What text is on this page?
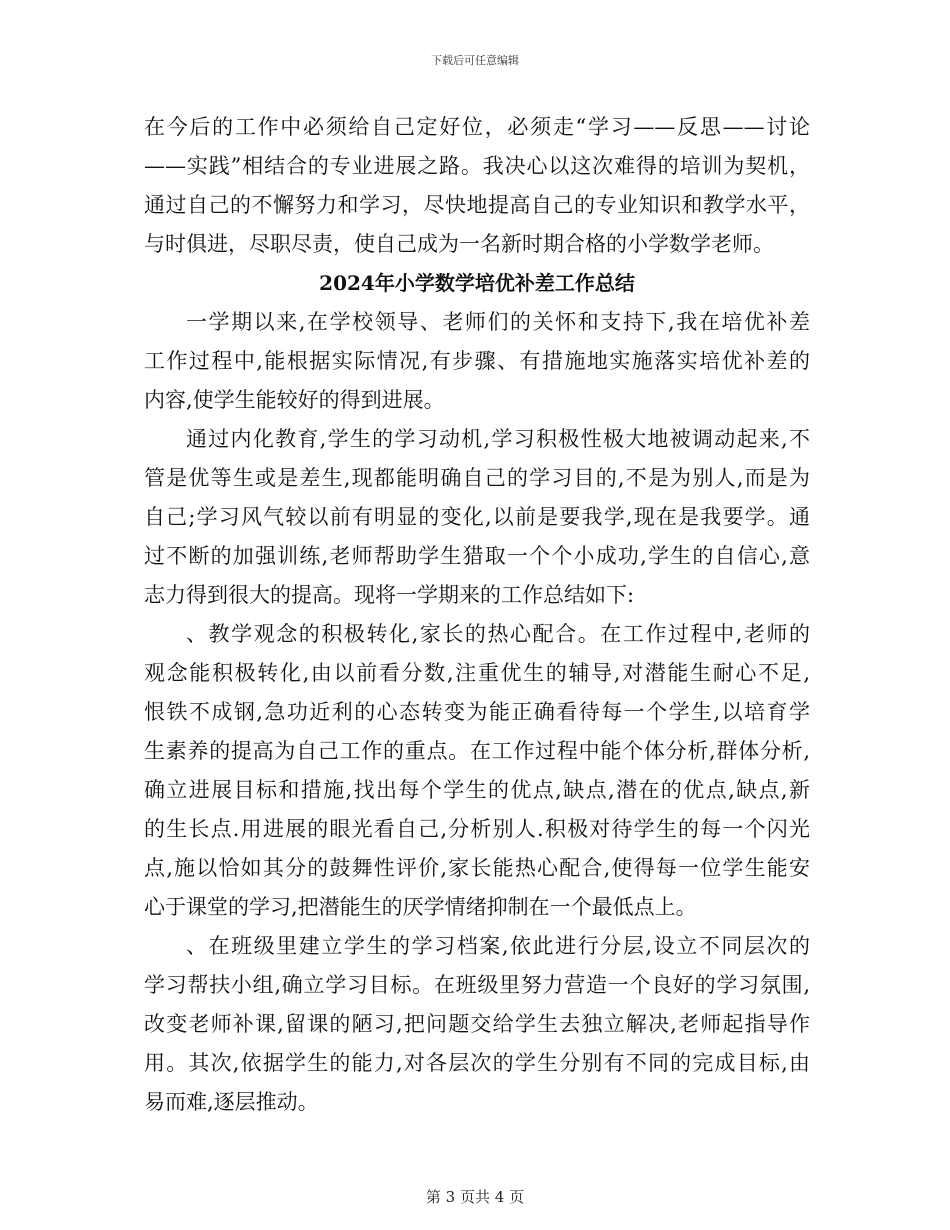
下载后可任意编辑
在今后的工作中必须给自己定好位，必须走“学习——反思——讨论
——实践”相结合的专业进展之路。我决心以这次难得的培训为契机，
通过自己的不懈努力和学习，尽快地提高自己的专业知识和教学水平，
与时俱进，尽职尽责，使自己成为一名新时期合格的小学数学老师。
2024年小学数学培优补差工作总结
一学期以来,在学校领导、老师们的关怀和支持下,我在培优补差
工作过程中,能根据实际情况,有步骤、有措施地实施落实培优补差的
内容,使学生能较好的得到进展。
通过内化教育,学生的学习动机,学习积极性极大地被调动起来,不
管是优等生或是差生,现都能明确自己的学习目的,不是为别人,而是为
自己;学习风气较以前有明显的变化,以前是要我学,现在是我要学。通
过不断的加强训练,老师帮助学生猎取一个个小成功,学生的自信心,意
志力得到很大的提高。现将一学期来的工作总结如下:
、教学观念的积极转化,家长的热心配合。在工作过程中,老师的
观念能积极转化,由以前看分数,注重优生的辅导,对潜能生耐心不足,
恨铁不成钢,急功近利的心态转变为能正确看待每一个学生,以培育学
生素养的提高为自己工作的重点。在工作过程中能个体分析,群体分析,
确立进展目标和措施,找出每个学生的优点,缺点,潜在的优点,缺点,新
的生长点.用进展的眼光看自己,分析别人.积极对待学生的每一个闪光
点,施以恰如其分的鼓舞性评价,家长能热心配合,使得每一位学生能安
心于课堂的学习,把潜能生的厌学情绪抑制在一个最低点上。
、在班级里建立学生的学习档案,依此进行分层,设立不同层次的
学习帮扶小组,确立学习目标。在班级里努力营造一个良好的学习氛围,
改变老师补课,留课的陋习,把问题交给学生去独立解决,老师起指导作
用。其次,依据学生的能力,对各层次的学生分别有不同的完成目标,由
易而难,逐层推动。
第 3 页共 4 页
